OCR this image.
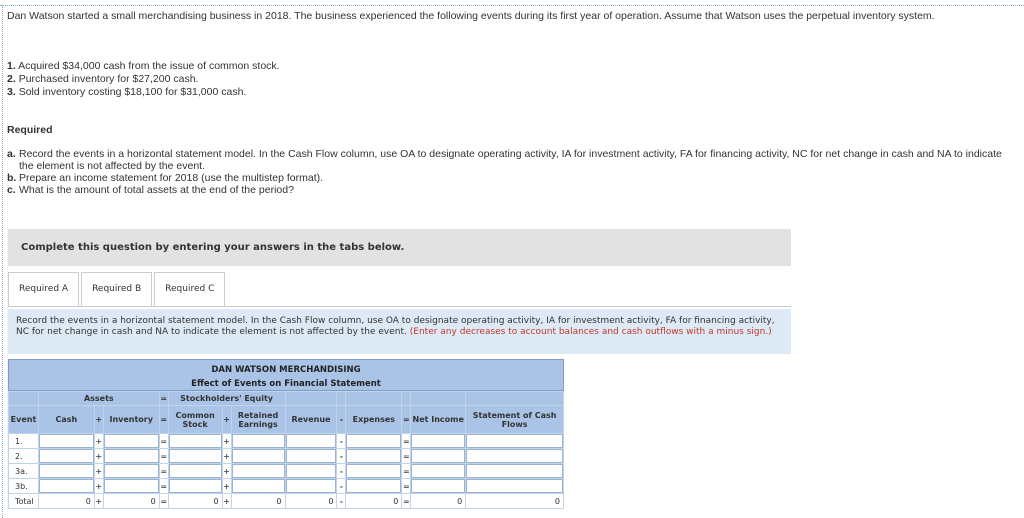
Dan Watson started a small merchandising business in 2018. The business experienced the following events during its first year of operation. Assume that Watson uses the perpetual inventory system.
1. Acquired $34,000 cash from the issue of common stock.
2. Purchased inventory for $27,200 cash.
3. Sold inventory costing $18,100 for $31,000 cash.
Required
a. Record the events in a horizontal statement model. In the Cash Flow column, use OA to designate operating activity, IA for investment activity, FA for financing activity, NC for net change in cash and NA to indicate the element is not affected by the event.
b. Prepare an income statement for 2018 (use the multistep format).
c. What is the amount of total assets at the end of the period?
Complete this question by entering your answers in the tabs below.
Required A	Required B	Required C
Record the events in a horizontal statement model. In the Cash Flow column, use OA to designate operating activity, IA for investment activity, FA for financing activity, NC for net change in cash and NA to indicate the element is not affected by the event. (Enter any decreases to account balances and cash outflows with a minus sign.)
DAN WATSON MERCHANDISING
Effect of Events on Financial Statement
	Assets			=	Stockholders' Equity								
Event	Cash	+	Inventory	=	Common Stock	+	Retained Earnings	Revenue	-	Expenses	=	Net Income	Statement of Cash Flows
1.		+		=		+			-		=	

2.		+		=		+			-		=	

3a.		+		=		+			-		=	

3b.		+		=		+			-		=	

Total	0	+	0	=	0	+	0	0	-	0	=	0	0
